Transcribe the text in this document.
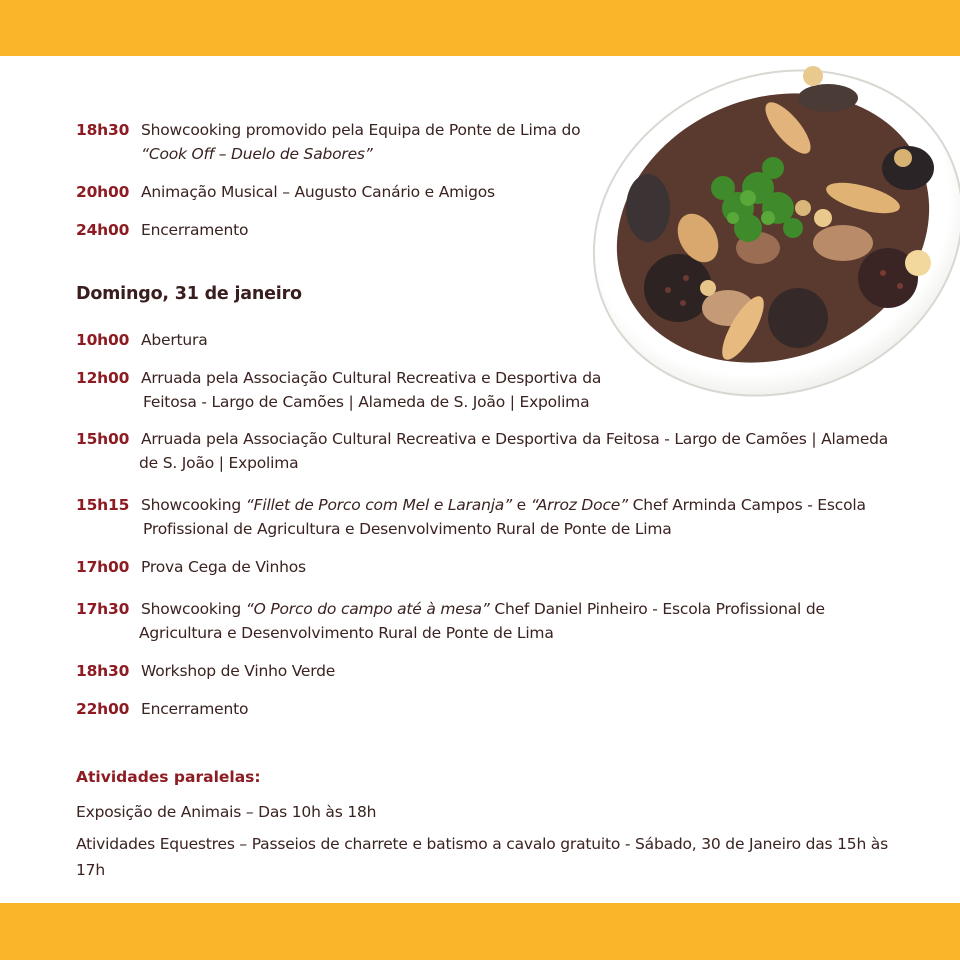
18h30 Showcooking promovido pela Equipa de Ponte de Lima do
“Cook Off – Duelo de Sabores”
20h00 Animação Musical – Augusto Canário e Amigos
24h00 Encerramento
Domingo, 31 de janeiro
10h00 Abertura
12h00 Arruada pela Associação Cultural Recreativa e Desportiva da
Feitosa - Largo de Camões | Alameda de S. João | Expolima
15h00 Arruada pela Associação Cultural Recreativa e Desportiva da Feitosa - Largo de Camões | Alameda
de S. João | Expolima
15h15 Showcooking “Fillet de Porco com Mel e Laranja” e “Arroz Doce” Chef Arminda Campos - Escola
Profissional de Agricultura e Desenvolvimento Rural de Ponte de Lima
17h00 Prova Cega de Vinhos
17h30 Showcooking “O Porco do campo até à mesa” Chef Daniel Pinheiro - Escola Profissional de
Agricultura e Desenvolvimento Rural de Ponte de Lima
18h30 Workshop de Vinho Verde
22h00 Encerramento
Atividades paralelas:
Exposição de Animais – Das 10h às 18h
Atividades Equestres – Passeios de charrete e batismo a cavalo gratuito - Sábado, 30 de Janeiro das 15h às 17h
